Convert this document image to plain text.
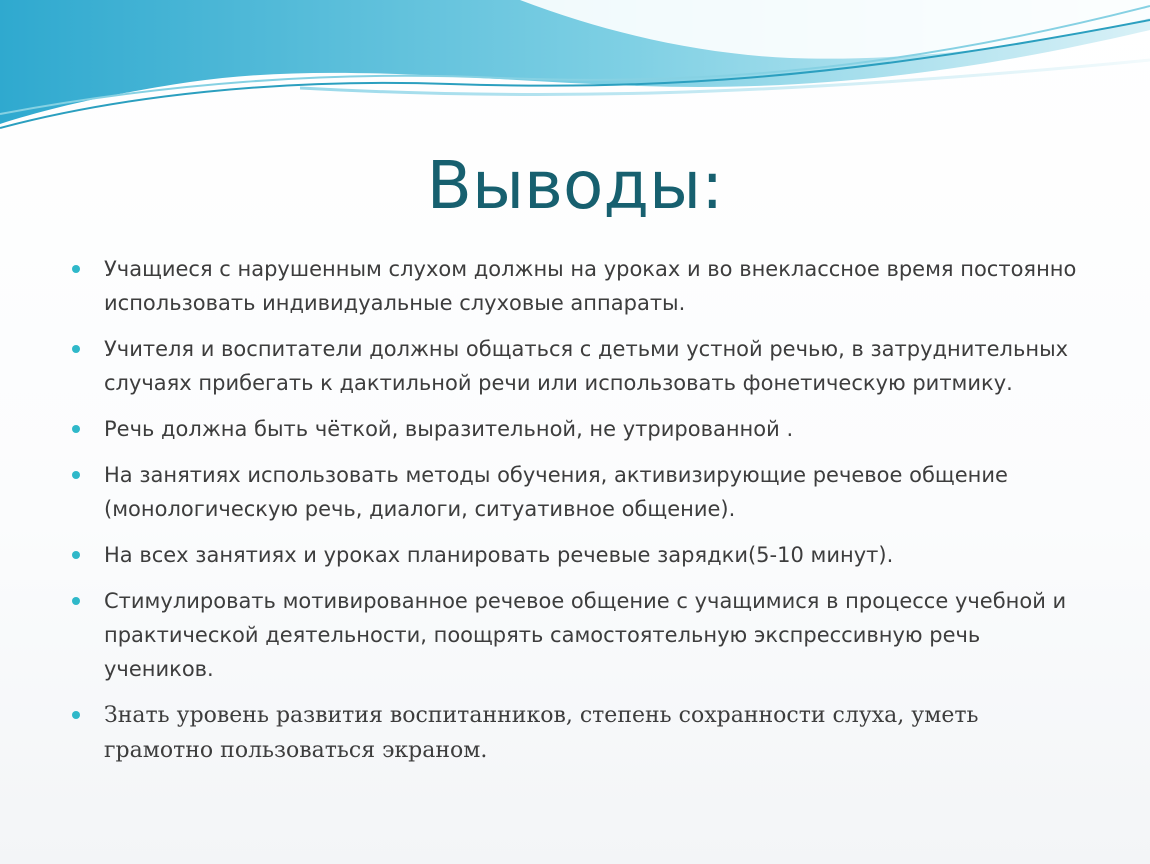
Выводы:
Учащиеся с нарушенным слухом должны на уроках и во внеклассное время постоянно использовать индивидуальные слуховые аппараты.
Учителя и воспитатели должны общаться с детьми устной речью, в затруднительных случаях прибегать к дактильной речи или использовать фонетическую ритмику.
Речь должна быть чёткой, выразительной, не утрированной .
На занятиях использовать методы обучения, активизирующие речевое общение (монологическую речь, диалоги, ситуативное общение).
На всех занятиях и уроках планировать речевые зарядки(5-10 минут).
Стимулировать мотивированное речевое общение с учащимися в процессе учебной и практической деятельности, поощрять самостоятельную экспрессивную речь учеников.
Знать уровень развития воспитанников, степень сохранности слуха, уметь грамотно пользоваться экраном.
